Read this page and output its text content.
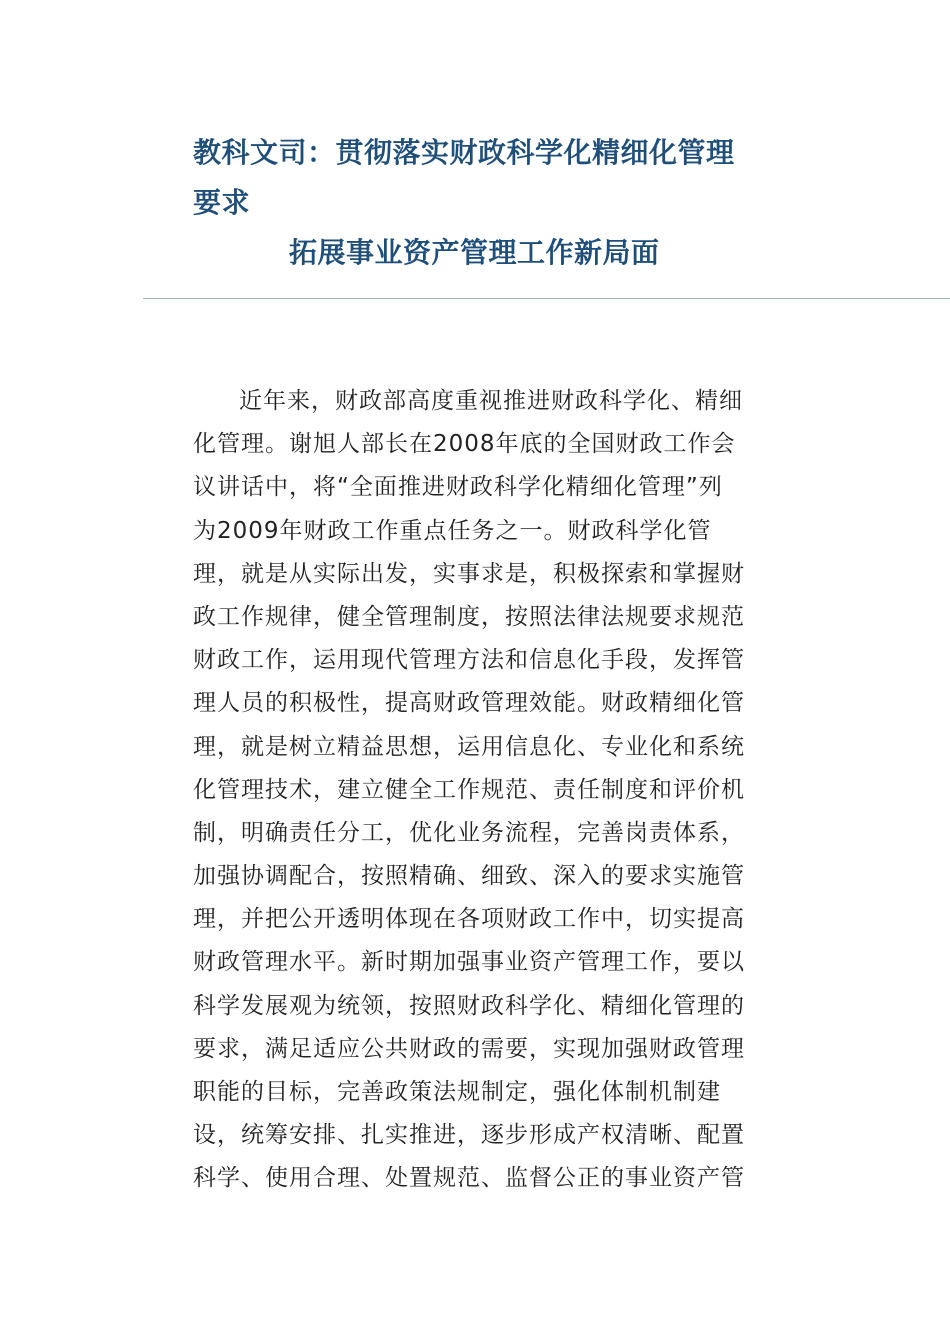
教科文司：贯彻落实财政科学化精细化管理
要求
拓展事业资产管理工作新局面
近年来，财政部高度重视推进财政科学化、精细
化管理。谢旭人部长在2008年底的全国财政工作会
议讲话中，将“全面推进财政科学化精细化管理”列
为2009年财政工作重点任务之一。财政科学化管
理，就是从实际出发，实事求是，积极探索和掌握财
政工作规律，健全管理制度，按照法律法规要求规范
财政工作，运用现代管理方法和信息化手段，发挥管
理人员的积极性，提高财政管理效能。财政精细化管
理，就是树立精益思想，运用信息化、专业化和系统
化管理技术，建立健全工作规范、责任制度和评价机
制，明确责任分工，优化业务流程，完善岗责体系，
加强协调配合，按照精确、细致、深入的要求实施管
理，并把公开透明体现在各项财政工作中，切实提高
财政管理水平。新时期加强事业资产管理工作，要以
科学发展观为统领，按照财政科学化、精细化管理的
要求，满足适应公共财政的需要，实现加强财政管理
职能的目标，完善政策法规制定，强化体制机制建
设，统筹安排、扎实推进，逐步形成产权清晰、配置
科学、使用合理、处置规范、监督公正的事业资产管
